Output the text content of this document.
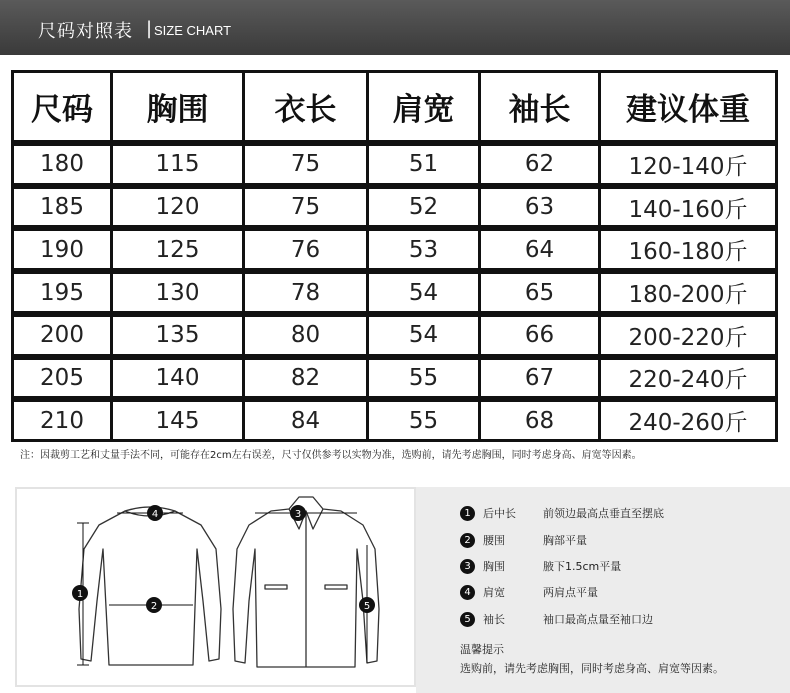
尺码对照表 | SIZE CHART
尺码	胸围	衣长	肩宽	袖长	建议体重
180	115	75	51	62	120-140斤
185	120	75	52	63	140-160斤
190	125	76	53	64	160-180斤
195	130	78	54	65	180-200斤
200	135	80	54	66	200-220斤
205	140	82	55	67	220-240斤
210	145	84	55	68	240-260斤
注：因裁剪工艺和丈量手法不同，可能存在2cm左右误差，尺寸仅供参考以实物为准，选购前，请先考虑胸围，同时考虑身高、肩宽等因素。
1
2
3
4
5
1 后中长 前领边最高点垂直至摆底
2 腰围	胸部平量
3 胸围	腋下1.5cm平量
4 肩宽	两肩点平量
5 袖长	袖口最高点量至袖口边
温馨提示
选购前，请先考虑胸围，同时考虑身高、肩宽等因素。
